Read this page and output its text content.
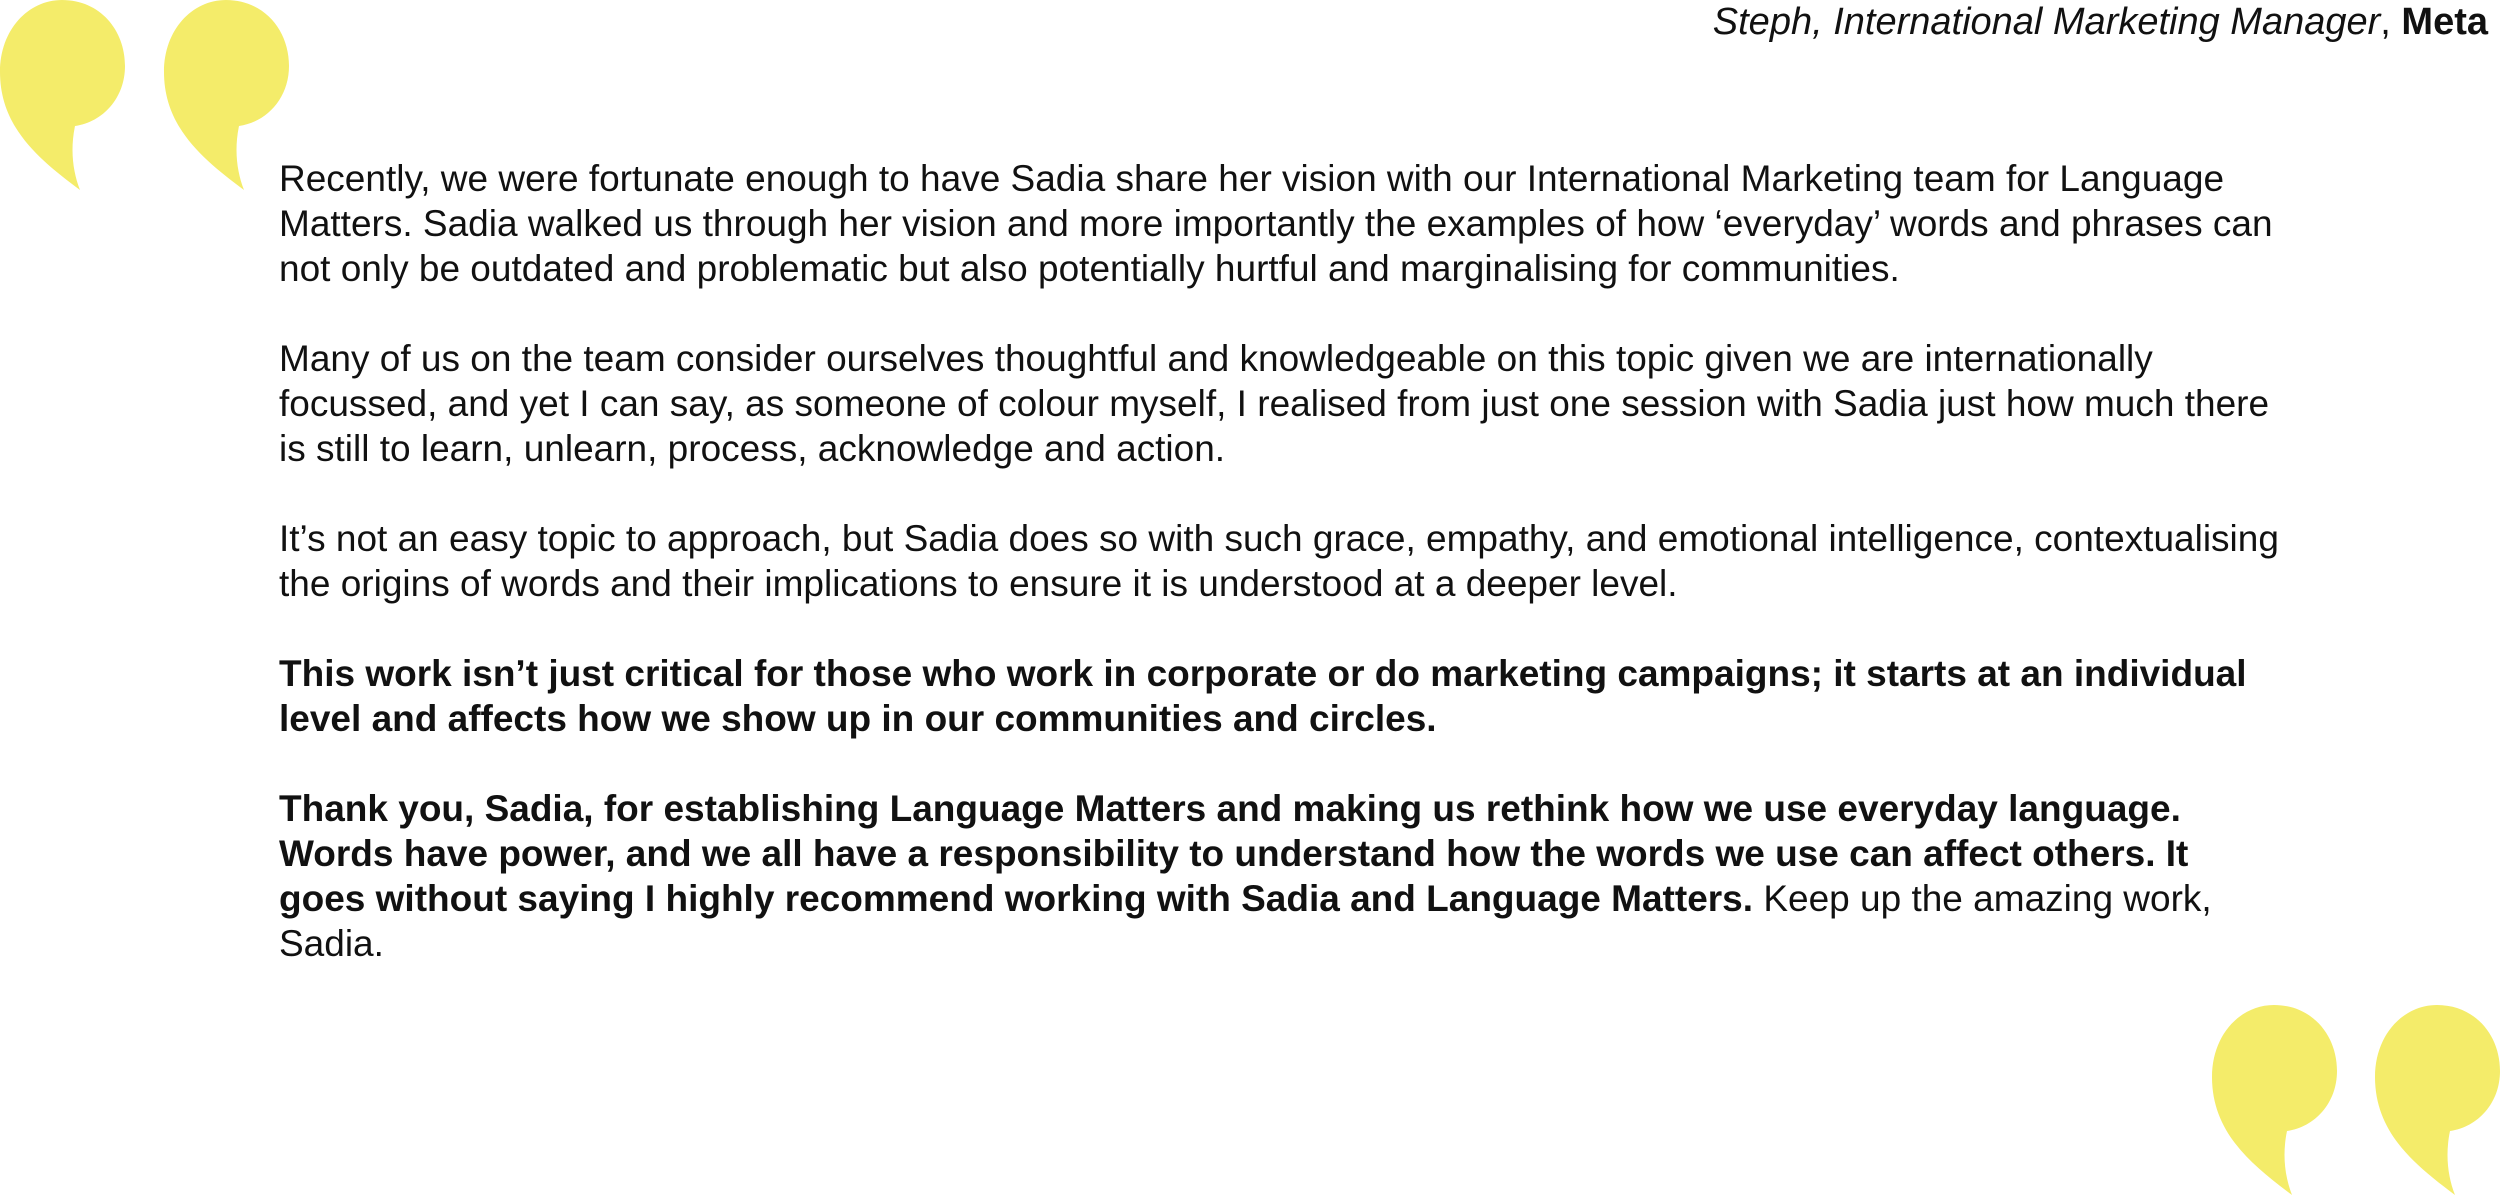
Steph, International Marketing Manager, Meta

Recently, we were fortunate enough to have Sadia share her vision with our International Marketing team for Language Matters. Sadia walked us through her vision and more importantly the examples of how ‘everyday’ words and phrases can not only be outdated and problematic but also potentially hurtful and marginalising for communities.

Many of us on the team consider ourselves thoughtful and knowledgeable on this topic given we are internationally focussed, and yet I can say, as someone of colour myself, I realised from just one session with Sadia just how much there is still to learn, unlearn, process, acknowledge and action.

It’s not an easy topic to approach, but Sadia does so with such grace, empathy, and emotional intelligence, contextualising the origins of words and their implications to ensure it is understood at a deeper level.

This work isn’t just critical for those who work in corporate or do marketing campaigns; it starts at an individual level and affects how we show up in our communities and circles.

Thank you, Sadia, for establishing Language Matters and making us rethink how we use everyday language. Words have power, and we all have a responsibility to understand how the words we use can affect others. It goes without saying I highly recommend working with Sadia and Language Matters. Keep up the amazing work, Sadia.
